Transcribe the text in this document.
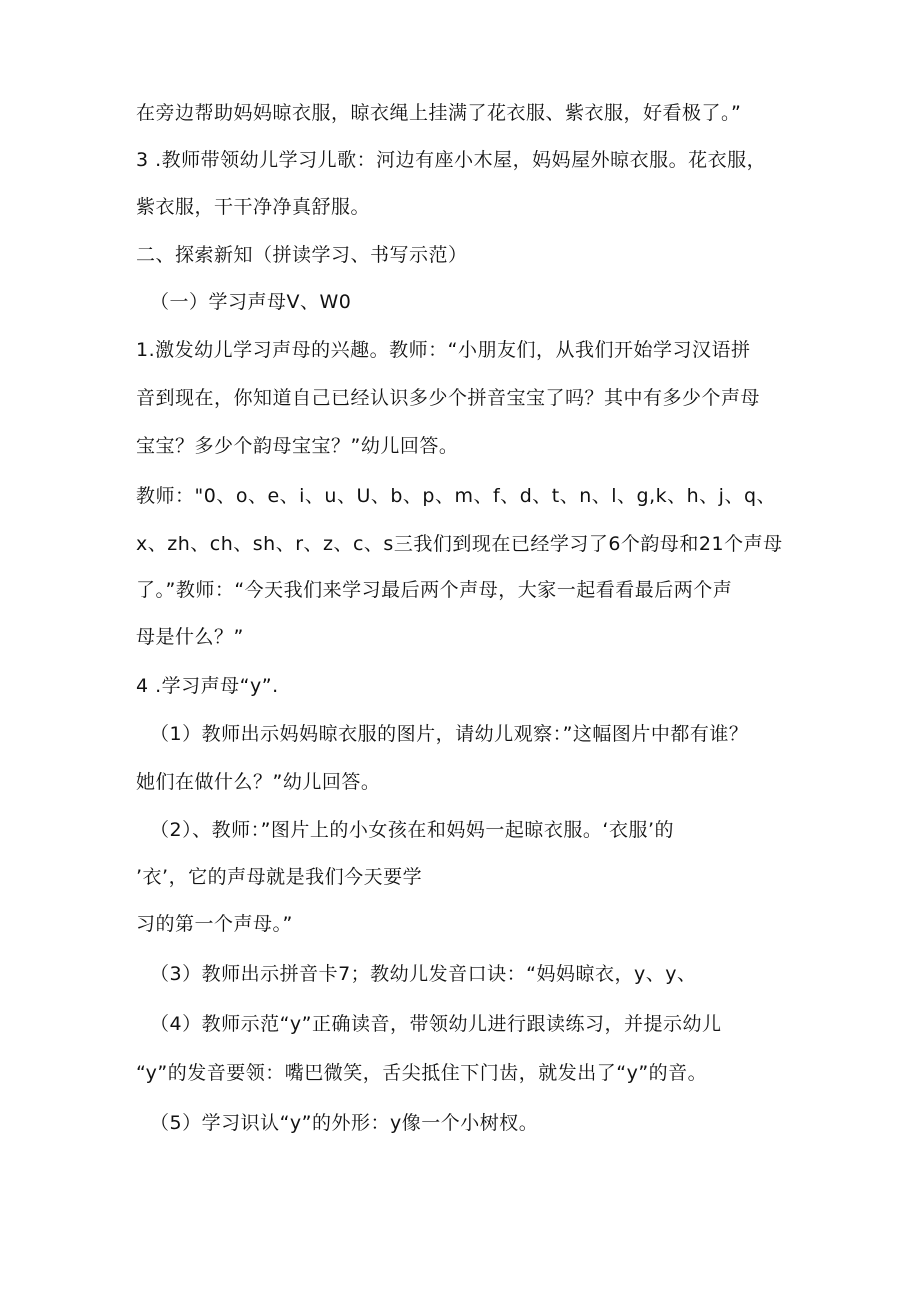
在旁边帮助妈妈晾衣服，晾衣绳上挂满了花衣服、紫衣服，好看极了。”
3 .教师带领幼儿学习儿歌：河边有座小木屋，妈妈屋外晾衣服。花衣服，
紫衣服，干干净净真舒服。
二、探索新知（拼读学习、书写示范）
（一）学习声母V、W0
1.激发幼儿学习声母的兴趣。教师：“小朋友们，从我们开始学习汉语拼
音到现在，你知道自己已经认识多少个拼音宝宝了吗？其中有多少个声母
宝宝？多少个韵母宝宝？”幼儿回答。
教师："0、o、e、i、u、U、b、p、m、f、d、t、n、l、g,k、h、j、q、
x、zh、ch、sh、r、z、c、s三我们到现在已经学习了6个韵母和21个声母
了。”教师：“今天我们来学习最后两个声母，大家一起看看最后两个声
母是什么？”
4 .学习声母“y”.
（1）教师出示妈妈晾衣服的图片，请幼儿观察：”这幅图片中都有谁？
她们在做什么？”幼儿回答。
（2）、教师：”图片上的小女孩在和妈妈一起晾衣服。‘衣服’的
’衣’，它的声母就是我们今天要学
习的第一个声母。”
（3）教师出示拼音卡7；教幼儿发音口诀：“妈妈晾衣，y、y、
（4）教师示范“y”正确读音，带领幼儿进行跟读练习，并提示幼儿
“y”的发音要领：嘴巴微笑，舌尖抵住下门齿，就发出了“y”的音。
（5）学习识认“y”的外形：y像一个小树杈。
